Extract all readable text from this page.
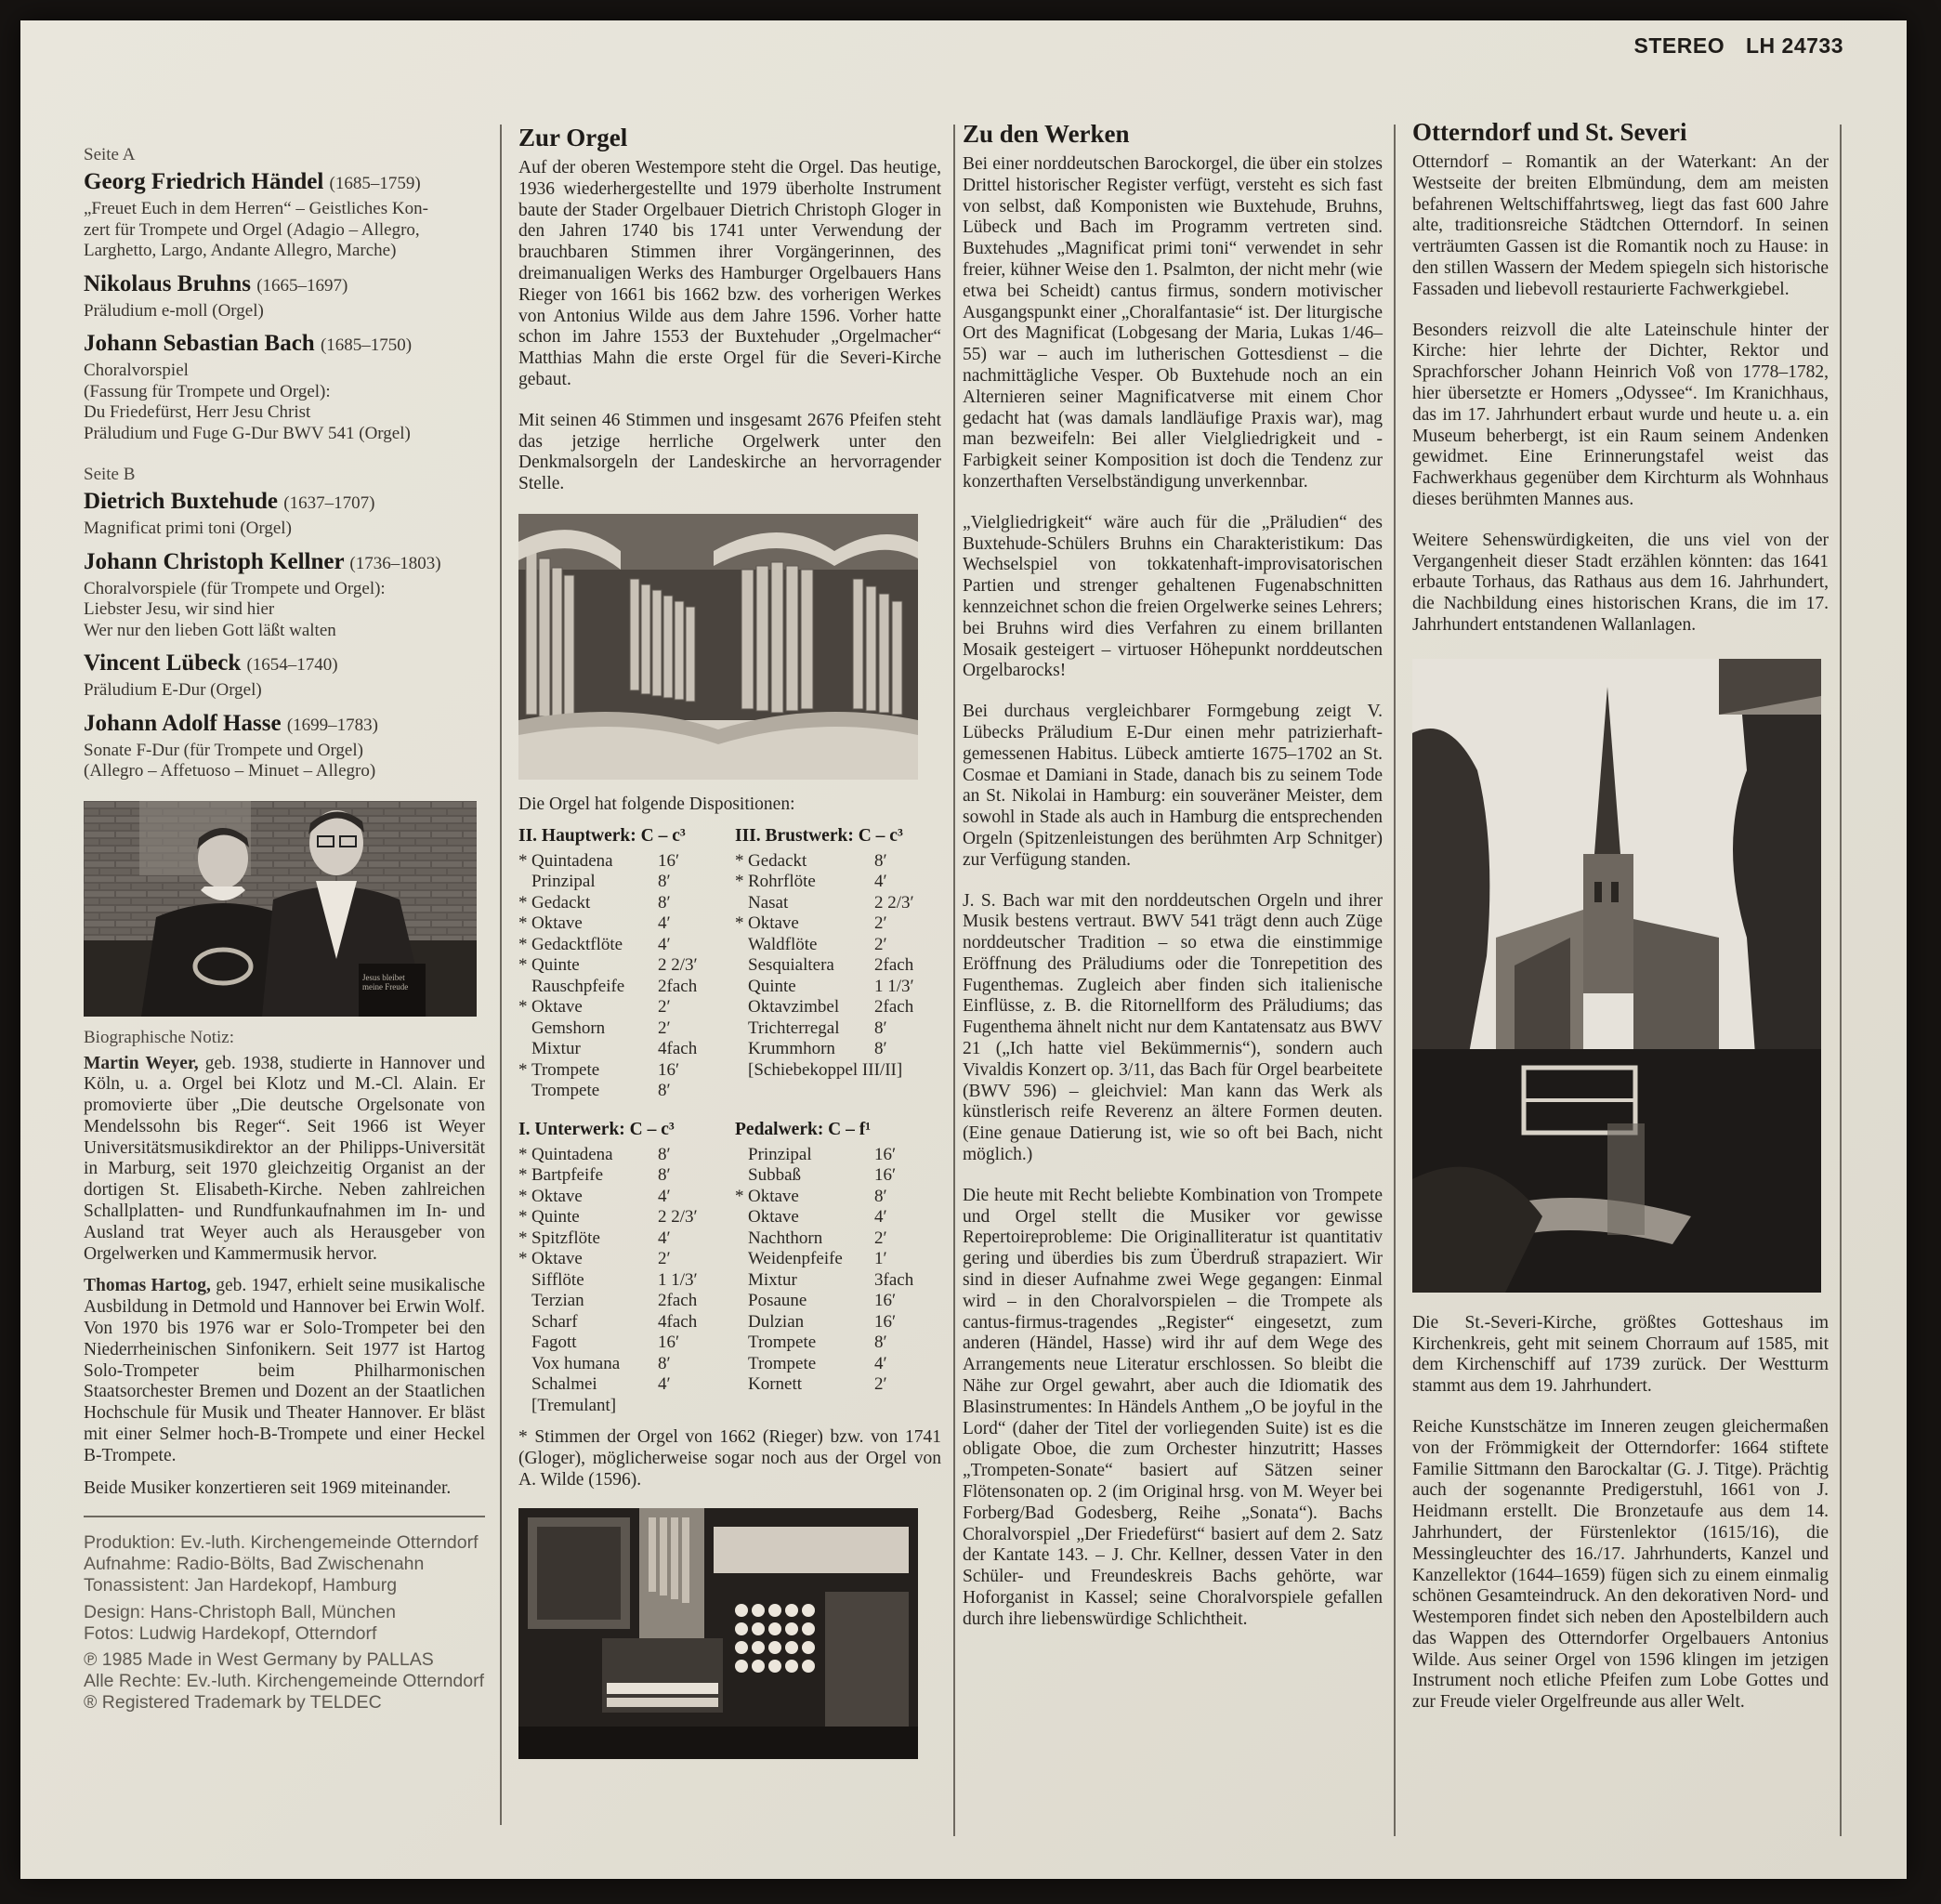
STEREO LH 24733
Seite A
Georg Friedrich Händel (1685–1759)
„Freuet Euch in dem Herren“ – Geistliches Kon-
zert für Trompete und Orgel (Adagio – Allegro,
Larghetto, Largo, Andante Allegro, Marche)
Nikolaus Bruhns (1665–1697)
Präludium e-moll (Orgel)
Johann Sebastian Bach (1685–1750)
Choralvorspiel
(Fassung für Trompete und Orgel):
Du Friedefürst, Herr Jesu Christ
Präludium und Fuge G-Dur BWV 541 (Orgel)
Seite B
Dietrich Buxtehude (1637–1707)
Magnificat primi toni (Orgel)
Johann Christoph Kellner (1736–1803)
Choralvorspiele (für Trompete und Orgel):
Liebster Jesu, wir sind hier
Wer nur den lieben Gott läßt walten
Vincent Lübeck (1654–1740)
Präludium E-Dur (Orgel)
Johann Adolf Hasse (1699–1783)
Sonate F-Dur (für Trompete und Orgel)
(Allegro – Affetuoso – Minuet – Allegro)
Jesus bleibet meine Freude
Biographische Notiz:

Martin Weyer, geb. 1938, studierte in Hannover und Köln, u. a. Orgel bei Klotz und M.-Cl. Alain. Er promovierte über „Die deutsche Orgelsonate von Mendelssohn bis Reger“. Seit 1966 ist Weyer Universitätsmusikdirektor an der Philipps-Universität in Marburg, seit 1970 gleichzeitig Organist an der dortigen St. Elisabeth-Kirche. Neben zahlreichen Schallplatten- und Rundfunkaufnahmen im In- und Ausland trat Weyer auch als Herausgeber von Orgelwerken und Kammermusik hervor.

Thomas Hartog, geb. 1947, erhielt seine musikalische Ausbildung in Detmold und Hannover bei Erwin Wolf. Von 1970 bis 1976 war er Solo-Trompeter bei den Niederrheinischen Sinfonikern. Seit 1977 ist Hartog Solo-Trompeter beim Philharmonischen Staatsorchester Bremen und Dozent an der Staatlichen Hochschule für Musik und Theater Hannover. Er bläst mit einer Selmer hoch-B-Trompete und einer Heckel B-Trompete.

Beide Musiker konzertieren seit 1969 miteinander.

Produktion: Ev.-luth. Kirchengemeinde Otterndorf
Aufnahme: Radio-Bölts, Bad Zwischenahn
Tonassistent: Jan Hardekopf, Hamburg
Design: Hans-Christoph Ball, München
Fotos: Ludwig Hardekopf, Otterndorf
℗ 1985 Made in West Germany by PALLAS
Alle Rechte: Ev.-luth. Kirchengemeinde Otterndorf
® Registered Trademark by TELDEC
Zur Orgel

Auf der oberen Westempore steht die Orgel. Das heutige, 1936 wiederhergestellte und 1979 überholte Instrument baute der Stader Orgelbauer Dietrich Christoph Gloger in den Jahren 1740 bis 1741 unter Verwendung der brauchbaren Stimmen ihrer Vorgängerinnen, des dreimanualigen Werks des Hamburger Orgelbauers Hans Rieger von 1661 bis 1662 bzw. des vorherigen Werkes von Antonius Wilde aus dem Jahre 1596. Vorher hatte schon im Jahre 1553 der Buxtehuder „Orgelmacher“ Matthias Mahn die erste Orgel für die Severi-Kirche gebaut.

Mit seinen 46 Stimmen und insgesamt 2676 Pfeifen steht das jetzige herrliche Orgelwerk unter den Denkmalsorgeln der Landeskirche an hervorragender Stelle.

Die Orgel hat folgende Dispositionen:

II. Hauptwerk: C – c³
* Quintadena	16′
Prinzipal	8′
* Gedackt	8′
* Oktave	4′
* Gedacktflöte	4′
* Quinte	2 2/3′
Rauschpfeife	2fach
* Oktave	2′
Gemshorn	2′
Mixtur	4fach
* Trompete	16′
Trompete	8′
III. Brustwerk: C – c³
* Gedackt	8′
* Rohrflöte	4′
Nasat	2 2/3′
* Oktave	2′
Waldflöte	2′
Sesquialtera	2fach
Quinte	1 1/3′
Oktavzimbel	2fach
Trichterregal	8′
Krummhorn	8′
[Schiebekoppel III/II]
I. Unterwerk: C – c³
* Quintadena	8′
* Bartpfeife	8′
* Oktave	4′
* Quinte	2 2/3′
* Spitzflöte	4′
* Oktave	2′
Sifflöte	1 1/3′
Terzian	2fach
Scharf	4fach
Fagott	16′
Vox humana	8′
Schalmei	4′
[Tremulant]
Pedalwerk: C – f¹
Prinzipal	16′
Subbaß	16′
* Oktave	8′
Oktave	4′
Nachthorn	2′
Weidenpfeife	1′
Mixtur	3fach
Posaune	16′
Dulzian	16′
Trompete	8′
Trompete	4′
Kornett	2′

* Stimmen der Orgel von 1662 (Rieger) bzw. von 1741 (Gloger), möglicherweise sogar noch aus der Orgel von A. Wilde (1596).

Zu den Werken

Bei einer norddeutschen Barockorgel, die über ein stolzes Drittel historischer Register verfügt, versteht es sich fast von selbst, daß Komponisten wie Buxtehude, Bruhns, Lübeck und Bach im Programm vertreten sind. Buxtehudes „Magnificat primi toni“ verwendet in sehr freier, kühner Weise den 1. Psalmton, der nicht mehr (wie etwa bei Scheidt) cantus firmus, sondern motivischer Ausgangspunkt einer „Choralfantasie“ ist. Der liturgische Ort des Magnificat (Lobgesang der Maria, Lukas 1/46–55) war – auch im lutherischen Gottesdienst – die nachmittägliche Vesper. Ob Buxtehude noch an ein Alternieren seiner Magnificatverse mit einem Chor gedacht hat (was damals landläufige Praxis war), mag man bezweifeln: Bei aller Vielgliedrigkeit und -Farbigkeit seiner Komposition ist doch die Tendenz zur konzerthaften Verselbständigung unverkennbar.

„Vielgliedrigkeit“ wäre auch für die „Präludien“ des Buxtehude-Schülers Bruhns ein Charakteristikum: Das Wechselspiel von tokkatenhaft-improvisatorischen Partien und strenger gehaltenen Fugenabschnitten kennzeichnet schon die freien Orgelwerke seines Lehrers; bei Bruhns wird dies Verfahren zu einem brillanten Mosaik gesteigert – virtuoser Höhepunkt norddeutschen Orgelbarocks!

Bei durchaus vergleichbarer Formgebung zeigt V. Lübecks Präludium E-Dur einen mehr patrizierhaft-gemessenen Habitus. Lübeck amtierte 1675–1702 an St. Cosmae et Damiani in Stade, danach bis zu seinem Tode an St. Nikolai in Hamburg: ein souveräner Meister, dem sowohl in Stade als auch in Hamburg die entsprechenden Orgeln (Spitzenleistungen des berühmten Arp Schnitger) zur Verfügung standen.

J. S. Bach war mit den norddeutschen Orgeln und ihrer Musik bestens vertraut. BWV 541 trägt denn auch Züge norddeutscher Tradition – so etwa die einstimmige Eröffnung des Präludiums oder die Tonrepetition des Fugenthemas. Zugleich aber finden sich italienische Einflüsse, z. B. die Ritornellform des Präludiums; das Fugenthema ähnelt nicht nur dem Kantatensatz aus BWV 21 („Ich hatte viel Bekümmernis“), sondern auch Vivaldis Konzert op. 3/11, das Bach für Orgel bearbeitete (BWV 596) – gleichviel: Man kann das Werk als künstlerisch reife Reverenz an ältere Formen deuten. (Eine genaue Datierung ist, wie so oft bei Bach, nicht möglich.)

Die heute mit Recht beliebte Kombination von Trompete und Orgel stellt die Musiker vor gewisse Repertoireprobleme: Die Originalliteratur ist quantitativ gering und überdies bis zum Überdruß strapaziert. Wir sind in dieser Aufnahme zwei Wege gegangen: Einmal wird – in den Choralvorspielen – die Trompete als cantus-firmus-tragendes „Register“ eingesetzt, zum anderen (Händel, Hasse) wird ihr auf dem Wege des Arrangements neue Literatur erschlossen. So bleibt die Nähe zur Orgel gewahrt, aber auch die Idiomatik des Blasinstrumentes: In Händels Anthem „O be joyful in the Lord“ (daher der Titel der vorliegenden Suite) ist es die obligate Oboe, die zum Orchester hinzutritt; Hasses „Trompeten-Sonate“ basiert auf Sätzen seiner Flötensonaten op. 2 (im Original hrsg. von M. Weyer bei Forberg/Bad Godesberg, Reihe „Sonata“). Bachs Choralvorspiel „Der Friedefürst“ basiert auf dem 2. Satz der Kantate 143. – J. Chr. Kellner, dessen Vater in den Schüler- und Freundeskreis Bachs gehörte, war Hoforganist in Kassel; seine Choralvorspiele gefallen durch ihre liebenswürdige Schlichtheit.

Otterndorf und St. Severi

Otterndorf – Romantik an der Waterkant: An der Westseite der breiten Elbmündung, dem am meisten befahrenen Weltschiffahrtsweg, liegt das fast 600 Jahre alte, traditionsreiche Städtchen Otterndorf. In seinen verträumten Gassen ist die Romantik noch zu Hause: in den stillen Wassern der Medem spiegeln sich historische Fassaden und liebevoll restaurierte Fachwerkgiebel.

Besonders reizvoll die alte Lateinschule hinter der Kirche: hier lehrte der Dichter, Rektor und Sprachforscher Johann Heinrich Voß von 1778–1782, hier übersetzte er Homers „Odyssee“. Im Kranichhaus, das im 17. Jahrhundert erbaut wurde und heute u. a. ein Museum beherbergt, ist ein Raum seinem Andenken gewidmet. Eine Erinnerungstafel weist das Fachwerkhaus gegenüber dem Kirchturm als Wohnhaus dieses berühmten Mannes aus.

Weitere Sehenswürdigkeiten, die uns viel von der Vergangenheit dieser Stadt erzählen könnten: das 1641 erbaute Torhaus, das Rathaus aus dem 16. Jahrhundert, die Nachbildung eines historischen Krans, die im 17. Jahrhundert entstandenen Wallanlagen.

Die St.-Severi-Kirche, größtes Gotteshaus im Kirchenkreis, geht mit seinem Chorraum auf 1585, mit dem Kirchenschiff auf 1739 zurück. Der Westturm stammt aus dem 19. Jahrhundert.

Reiche Kunstschätze im Inneren zeugen gleichermaßen von der Frömmigkeit der Otterndorfer: 1664 stiftete Familie Sittmann den Barockaltar (G. J. Titge). Prächtig auch der sogenannte Predigerstuhl, 1661 von J. Heidmann erstellt. Die Bronzetaufe aus dem 14. Jahrhundert, der Fürstenlektor (1615/16), die Messingleuchter des 16./17. Jahrhunderts, Kanzel und Kanzellektor (1644–1659) fügen sich zu einem einmalig schönen Gesamteindruck. An den dekorativen Nord- und Westemporen findet sich neben den Apostelbildern auch das Wappen des Otterndorfer Orgelbauers Antonius Wilde. Aus seiner Orgel von 1596 klingen im jetzigen Instrument noch etliche Pfeifen zum Lobe Gottes und zur Freude vieler Orgelfreunde aus aller Welt.
